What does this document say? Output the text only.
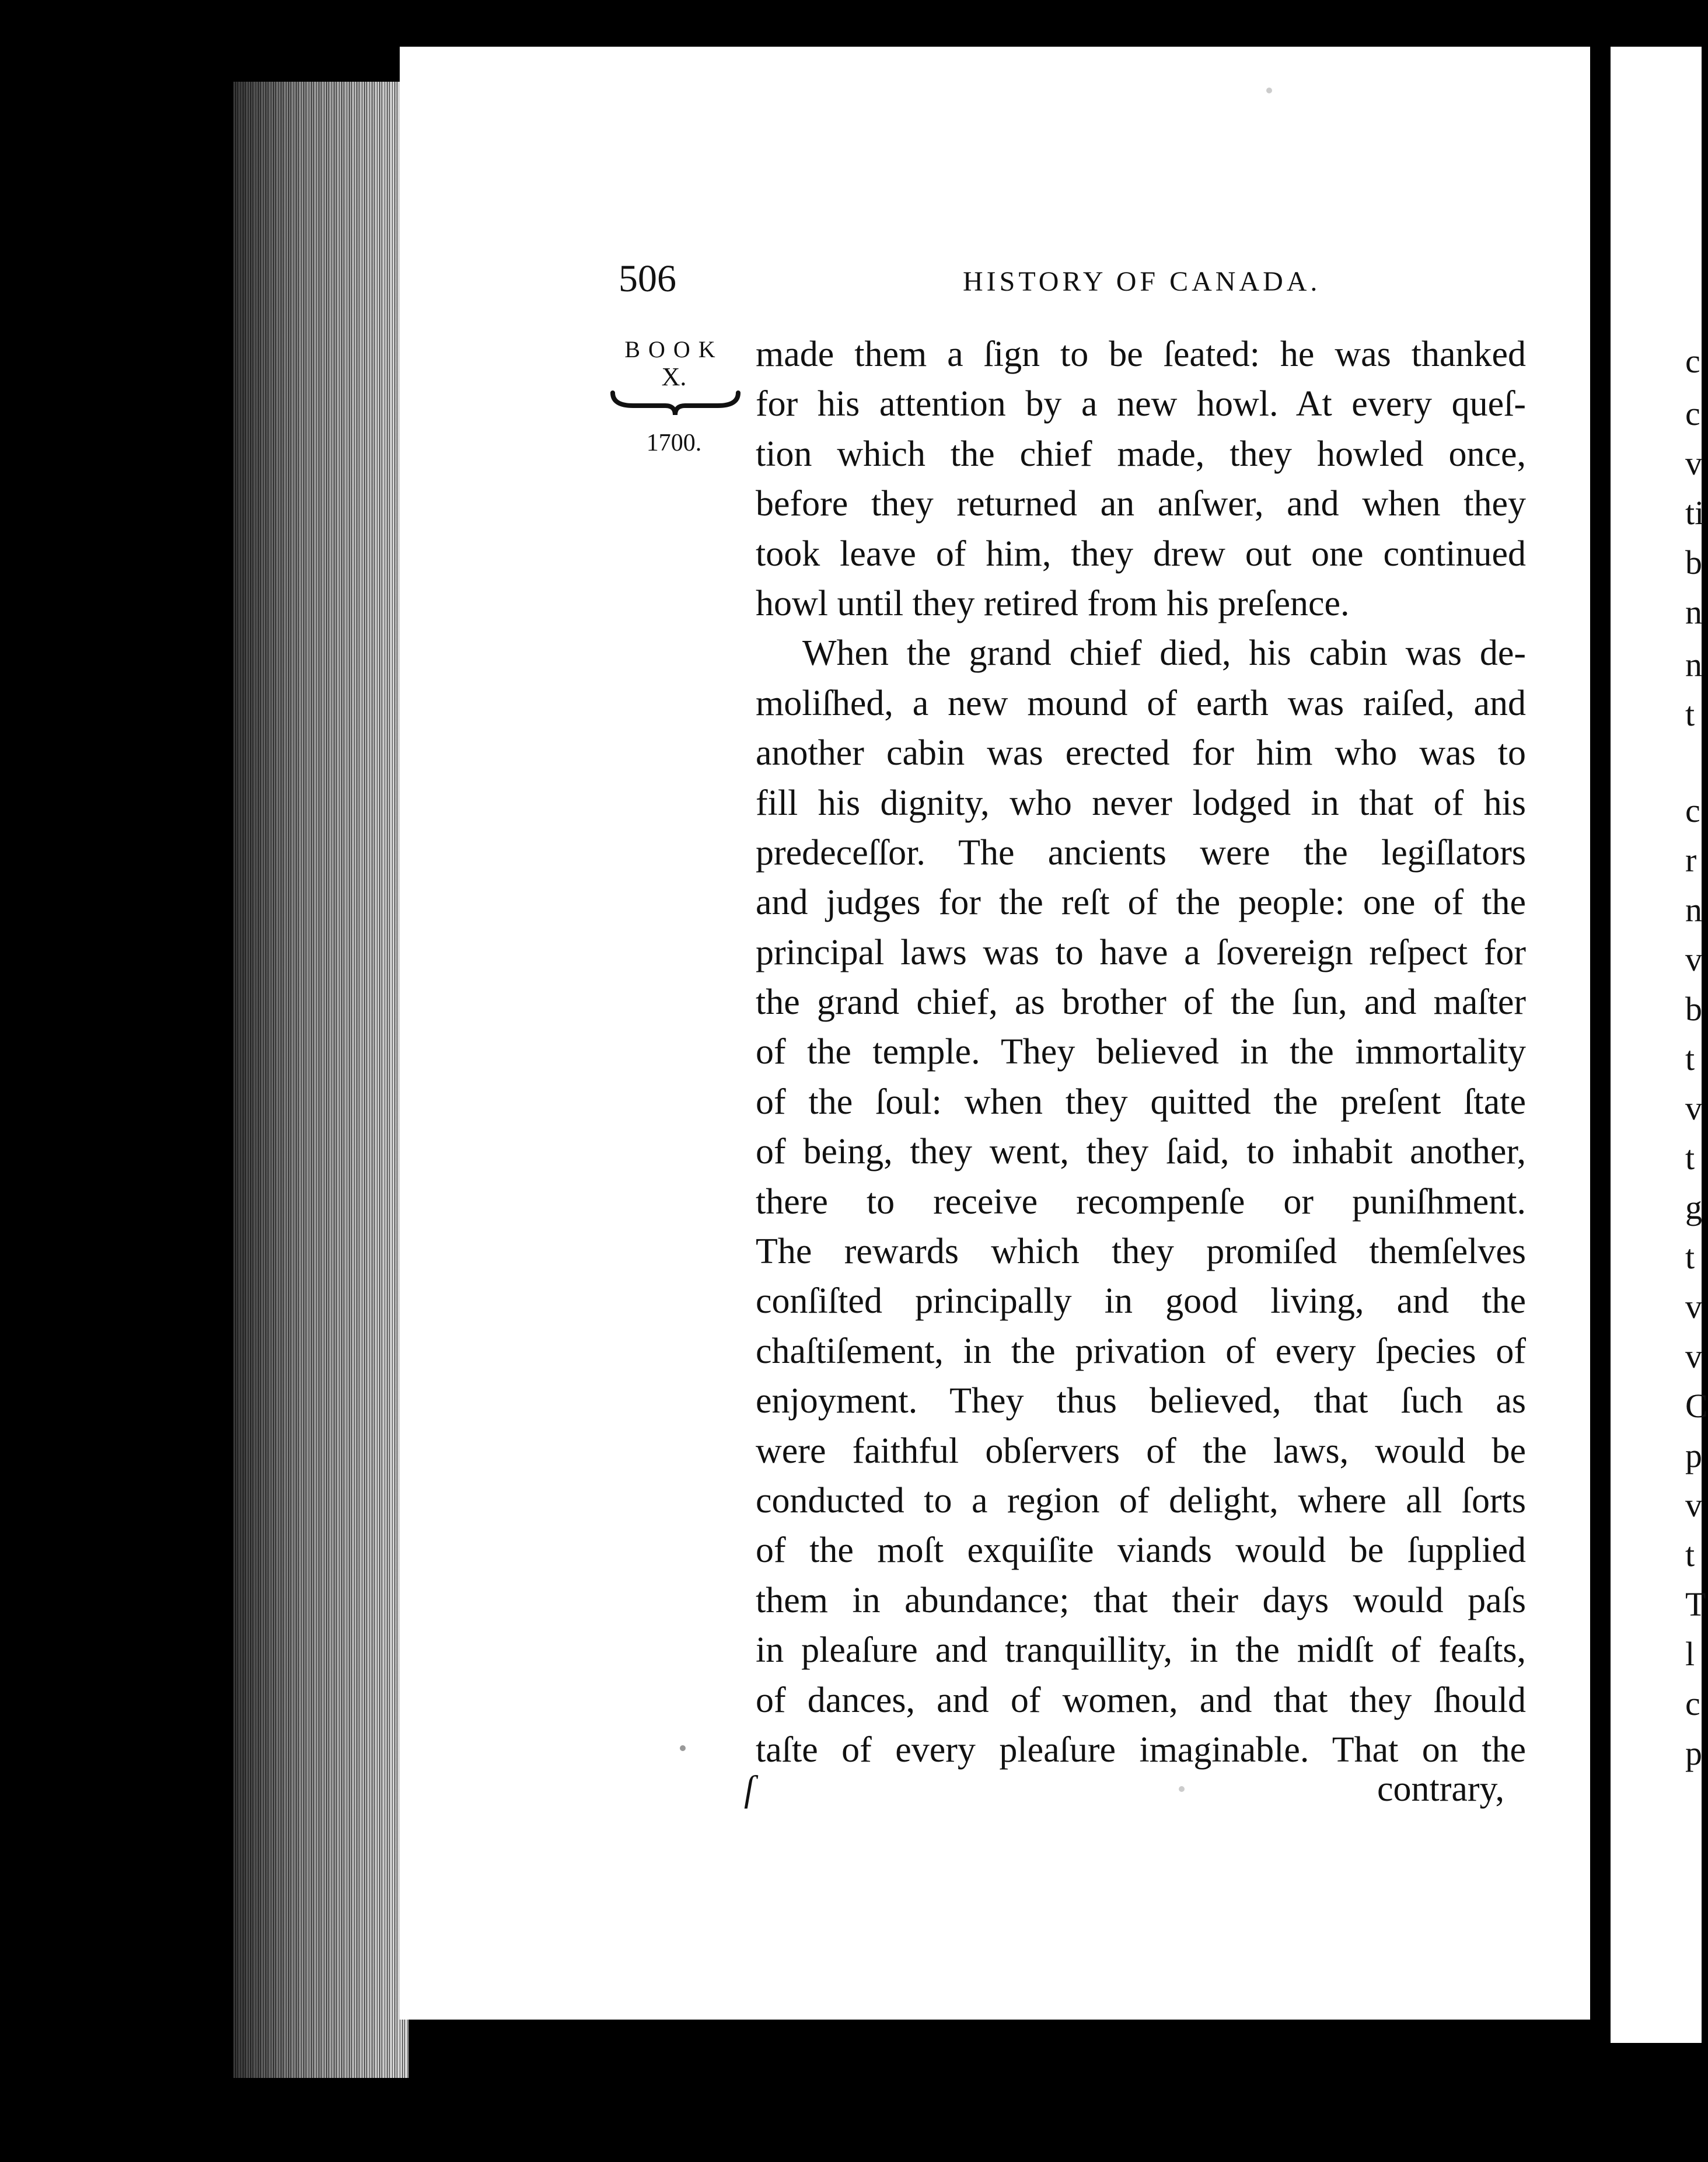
c
c
v
ti
b
n
n
t
c
r
n
v
b
t
v
t
g
t
v
v
C
p
v
t
T
l
c
p
506	HISTORY OF CANADA.
BOOK
X.
1700.
made them a ſign to be ſeated: he was thanked
for his attention by a new howl. At every queſ-
tion which the chief made, they howled once,
before they returned an anſwer, and when they
took leave of him, they drew out one continued
howl until they retired from his preſence.
When the grand chief died, his cabin was de-
moliſhed, a new mound of earth was raiſed, and
another cabin was erected for him who was to
fill his dignity, who never lodged in that of his
predeceſſor. The ancients were the legiſlators
and judges for the reſt of the people: one of the
principal laws was to have a ſovereign reſpect for
the grand chief, as brother of the ſun, and maſter
of the temple. They believed in the immortality
of the ſoul: when they quitted the preſent ſtate
of being, they went, they ſaid, to inhabit another,
there to receive recompenſe or puniſhment.
The rewards which they promiſed themſelves
conſiſted principally in good living, and the
chaſtiſement, in the privation of every ſpecies of
enjoyment. They thus believed, that ſuch as
were faithful obſervers of the laws, would be
conducted to a region of delight, where all ſorts
of the moſt exquiſite viands would be ſupplied
them in abundance; that their days would paſs
in pleaſure and tranquillity, in the midſt of feaſts,
of dances, and of women, and that they ſhould
taſte of every pleaſure imaginable. That on the
ſ	contrary,
